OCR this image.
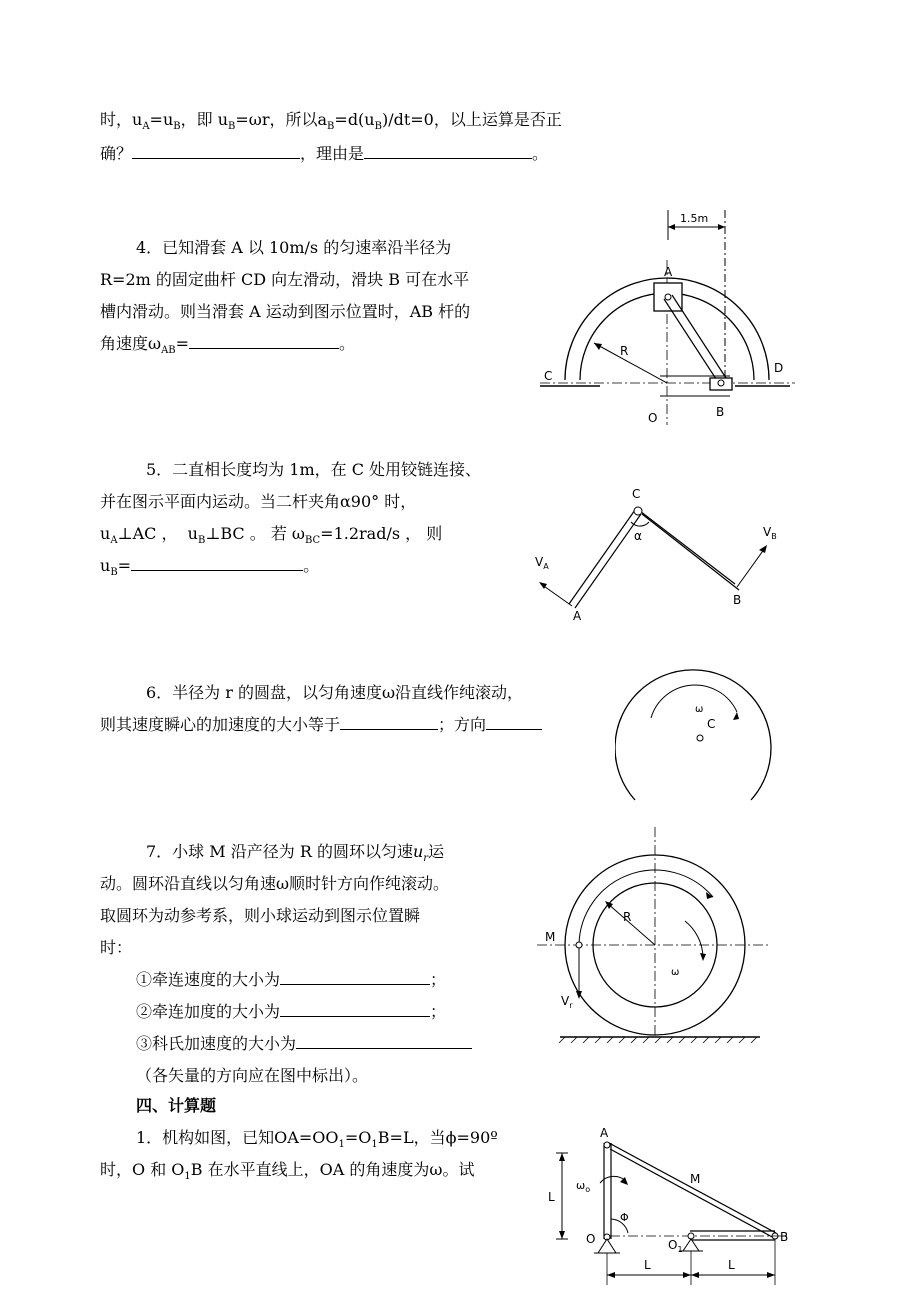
时，$u_A=u_B$，即 $u_B=\omega r$，所以$a_B=d(u_B)/dt=0$，以上运算是否正
确？	，理由是	。
4．已知滑套 A 以 10m/s 的匀速率沿半径为
R=2m 的固定曲杆 CD 向左滑动，滑块 B 可在水平
槽内滑动。则当滑套 A 运动到图示位置时，AB 杆的
角速度$\omega_{AB}=$	。
1.5m
R
A
B
C
D
O
5．二直相长度均为 1m，在 C 处用铰链连接、
并在图示平面内运动。当二杆夹角α90° 时，
$u_A\perp AC$ ， $u_B\perp BC$ 。 若 $\omega_{BC}=1.2rad/s$ ， 则
$u_B=$	。
C
α
A
B
$V_A$
$V_B$
6．半径为 r 的圆盘，以匀角速度ω沿直线作纯滚动，
则其速度瞬心的加速度的大小等于	；方向
ω
C
7．小球 M 沿产径为 R 的圆环以匀速$u_r$运
动。圆环沿直线以匀角速ω顺时针方向作纯滚动。
取圆环为动参考系，则小球运动到图示位置瞬
时：
①牵连速度的大小为	；
②牵连加度的大小为	；
③科氏加速度的大小为
（各矢量的方向应在图中标出）。
R
ω
M
$V_r$
四、计算题
1．机构如图，已知$OA=OO_1=O_1B=L$，当ϕ=90º
时，O 和 $O_1B$ 在水平直线上，OA 的角速度为ω。试
L
A
O
M
B
$O_1$
$\omega_o$
Φ
L	L
